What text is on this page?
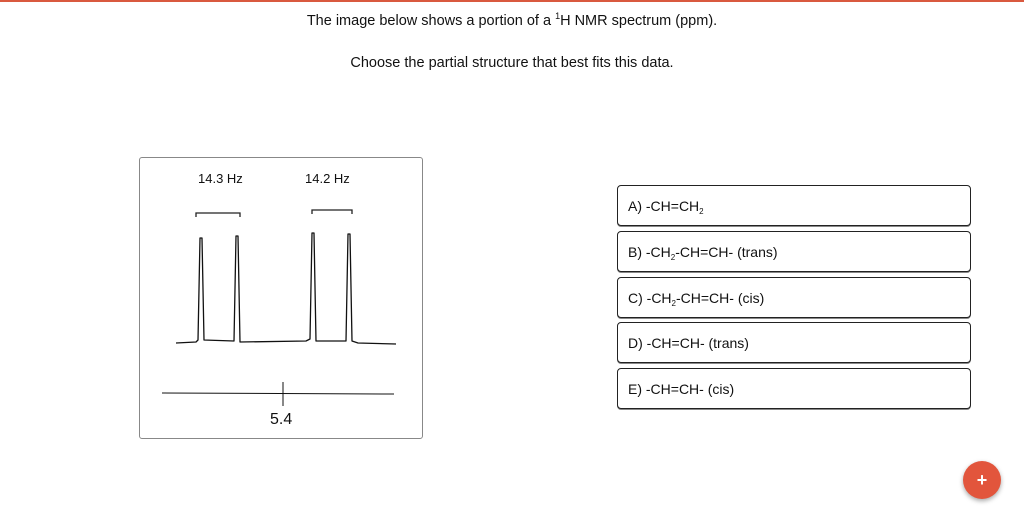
The image below shows a portion of a $^1$H NMR spectrum (ppm).
Choose the partial structure that best fits this data.
14.3 Hz	14.2 Hz
5.4
A) $-CH=CH_2$
B) $-CH_2-CH=CH-$ (trans)
C) $-CH_2-CH=CH-$ (cis)
D) -CH=CH- (trans)
E) -CH=CH- (cis)
+
